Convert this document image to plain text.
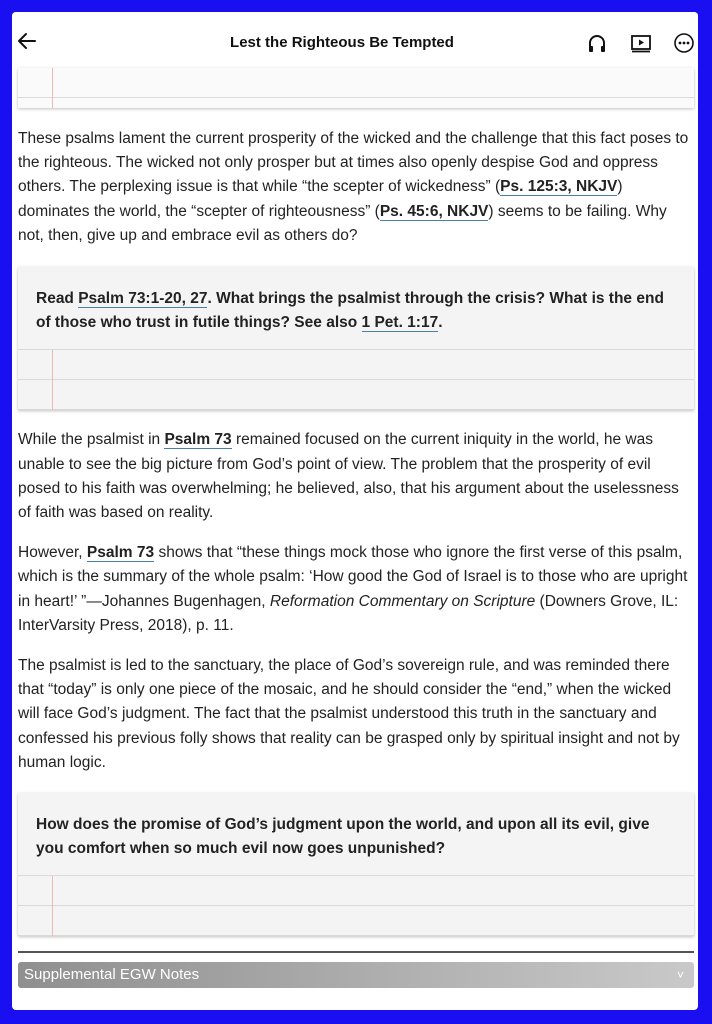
Lest the Righteous Be Tempted

These psalms lament the current prosperity of the wicked and the challenge that this fact poses to the righteous. The wicked not only prosper but at times also openly despise God and oppress others. The perplexing issue is that while “the scepter of wickedness” (Ps. 125:3, NKJV) dominates the world, the “scepter of righteousness” (Ps. 45:6, NKJV) seems to be failing. Why not, then, give up and embrace evil as others do?

Read Psalm 73:1-20, 27. What brings the psalmist through the crisis? What is the end of those who trust in futile things? See also 1 Pet. 1:17.

While the psalmist in Psalm 73 remained focused on the current iniquity in the world, he was unable to see the big picture from God’s point of view. The problem that the prosperity of evil posed to his faith was overwhelming; he believed, also, that his argument about the uselessness of faith was based on reality.

However, Psalm 73 shows that “these things mock those who ignore the first verse of this psalm, which is the summary of the whole psalm: ‘How good the God of Israel is to those who are upright in heart!’ ”—Johannes Bugenhagen, Reformation Commentary on Scripture (Downers Grove, IL: InterVarsity Press, 2018), p. 11.

The psalmist is led to the sanctuary, the place of God’s sovereign rule, and was reminded there that “today” is only one piece of the mosaic, and he should consider the “end,” when the wicked will face God’s judgment. The fact that the psalmist understood this truth in the sanctuary and confessed his previous folly shows that reality can be grasped only by spiritual insight and not by human logic.

How does the promise of God’s judgment upon the world, and upon all its evil, give you comfort when so much evil now goes unpunished?
Supplemental EGW Notes	˅
